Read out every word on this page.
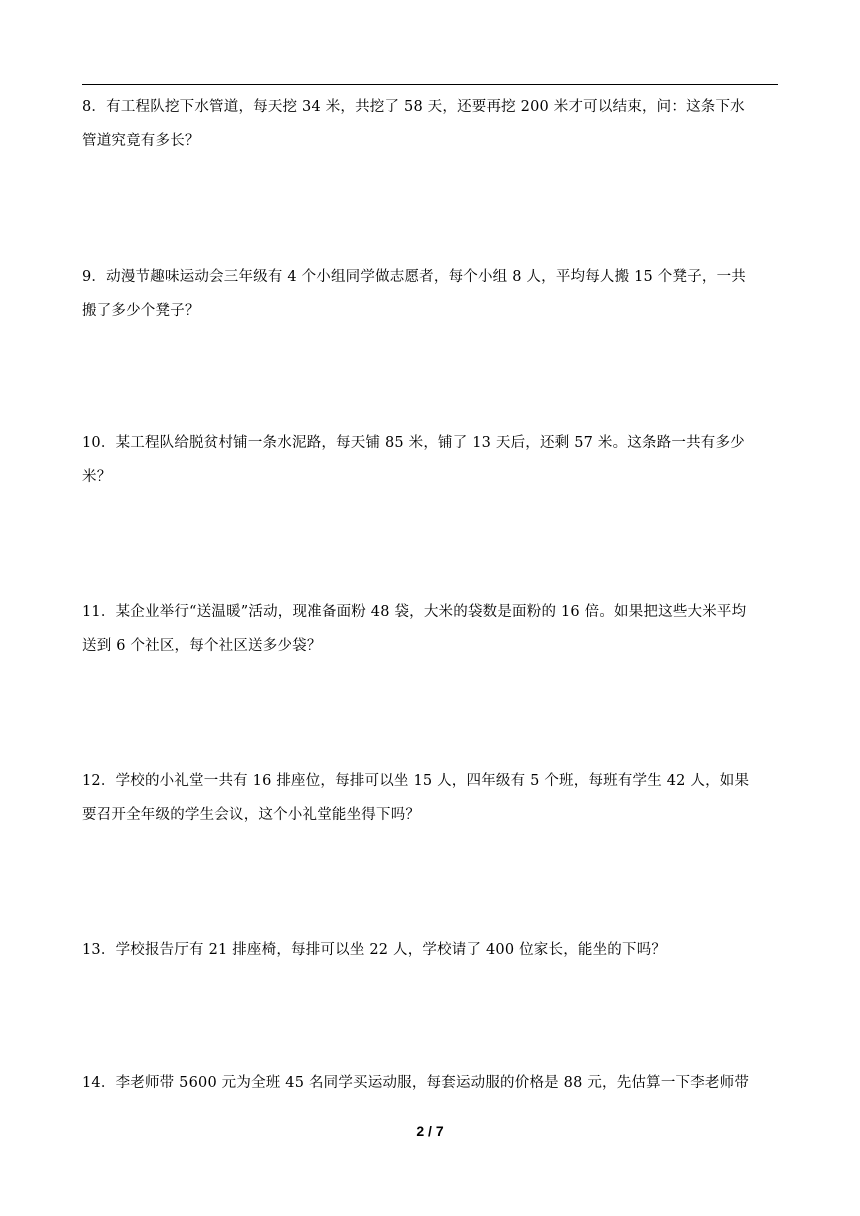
8．有工程队挖下水管道，每天挖 34 米，共挖了 58 天，还要再挖 200 米才可以结束，问：这条下水

管道究竟有多长？

9．动漫节趣味运动会三年级有 4 个小组同学做志愿者，每个小组 8 人，平均每人搬 15 个凳子，一共

搬了多少个凳子？

10．某工程队给脱贫村铺一条水泥路，每天铺 85 米，铺了 13 天后，还剩 57 米。这条路一共有多少

米？

11．某企业举行“送温暖”活动，现准备面粉 48 袋，大米的袋数是面粉的 16 倍。如果把这些大米平均

送到 6 个社区，每个社区送多少袋？

12．学校的小礼堂一共有 16 排座位，每排可以坐 15 人，四年级有 5 个班，每班有学生 42 人，如果

要召开全年级的学生会议，这个小礼堂能坐得下吗？

13．学校报告厅有 21 排座椅，每排可以坐 22 人，学校请了 400 位家长，能坐的下吗？

14．李老师带 5600 元为全班 45 名同学买运动服，每套运动服的价格是 88 元，先估算一下李老师带

2 / 7
